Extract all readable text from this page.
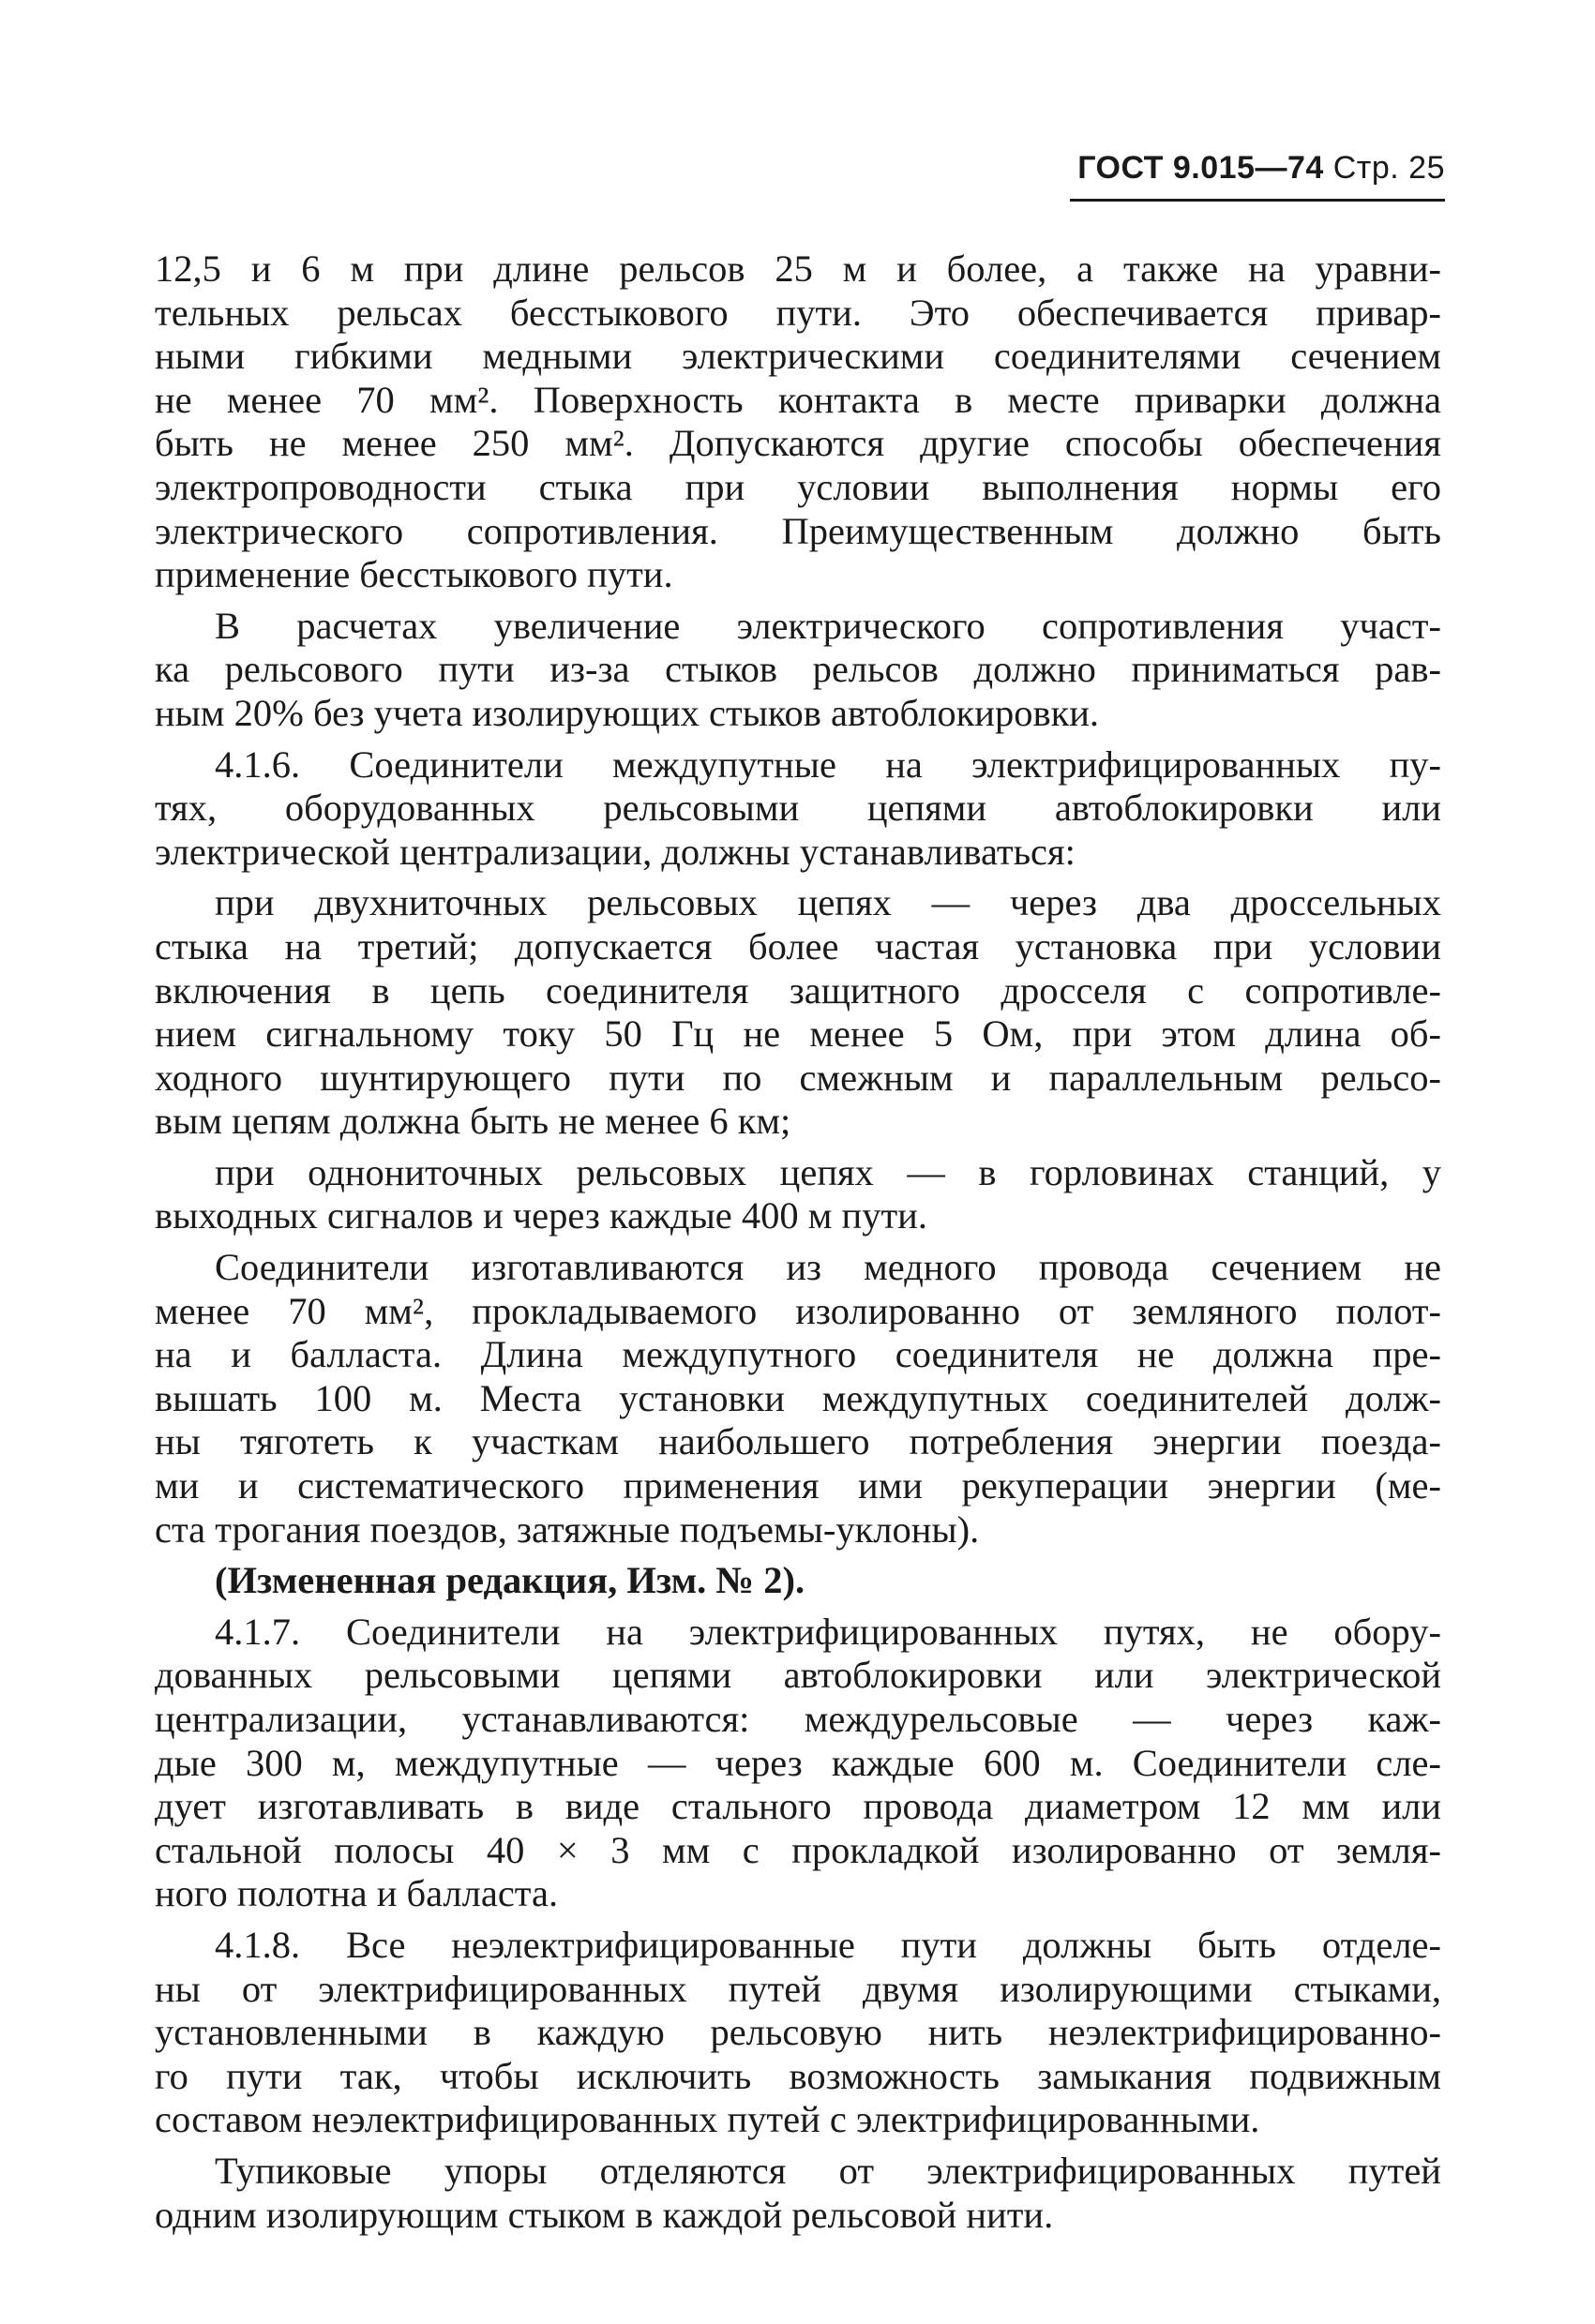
ГОСТ 9.015—74 Стр. 25
12,5 и 6 м при длине рельсов 25 м и более, а также на уравни-
тельных рельсах бесстыкового пути. Это обеспечивается привар-
ными гибкими медными электрическими соединителями сечением
не менее 70 мм². Поверхность контакта в месте приварки должна
быть не менее 250 мм². Допускаются другие способы обеспечения
электропроводности стыка при условии выполнения нормы его
электрического сопротивления. Преимущественным должно быть
применение бесстыкового пути.
В расчетах увеличение электрического сопротивления участ-
ка рельсового пути из-за стыков рельсов должно приниматься рав-
ным 20% без учета изолирующих стыков автоблокировки.
4.1.6. Соединители междупутные на электрифицированных пу-
тях, оборудованных рельсовыми цепями автоблокировки или
электрической централизации, должны устанавливаться:
при двухниточных рельсовых цепях — через два дроссельных
стыка на третий; допускается более частая установка при условии
включения в цепь соединителя защитного дросселя с сопротивле-
нием сигнальному току 50 Гц не менее 5 Ом, при этом длина об-
ходного шунтирующего пути по смежным и параллельным рельсо-
вым цепям должна быть не менее 6 км;
при однониточных рельсовых цепях — в горловинах станций, у
выходных сигналов и через каждые 400 м пути.
Соединители изготавливаются из медного провода сечением не
менее 70 мм², прокладываемого изолированно от земляного полот-
на и балласта. Длина междупутного соединителя не должна пре-
вышать 100 м. Места установки междупутных соединителей долж-
ны тяготеть к участкам наибольшего потребления энергии поезда-
ми и систематического применения ими рекуперации энергии (ме-
ста трогания поездов, затяжные подъемы-уклоны).
(Измененная редакция, Изм. № 2).
4.1.7. Соединители на электрифицированных путях, не обору-
дованных рельсовыми цепями автоблокировки или электрической
централизации, устанавливаются: междурельсовые — через каж-
дые 300 м, междупутные — через каждые 600 м. Соединители сле-
дует изготавливать в виде стального провода диаметром 12 мм или
стальной полосы 40 × 3 мм с прокладкой изолированно от земля-
ного полотна и балласта.
4.1.8. Все неэлектрифицированные пути должны быть отделе-
ны от электрифицированных путей двумя изолирующими стыками,
установленными в каждую рельсовую нить неэлектрифицированно-
го пути так, чтобы исключить возможность замыкания подвижным
составом неэлектрифицированных путей с электрифицированными.
Тупиковые упоры отделяются от электрифицированных путей
одним изолирующим стыком в каждой рельсовой нити.
